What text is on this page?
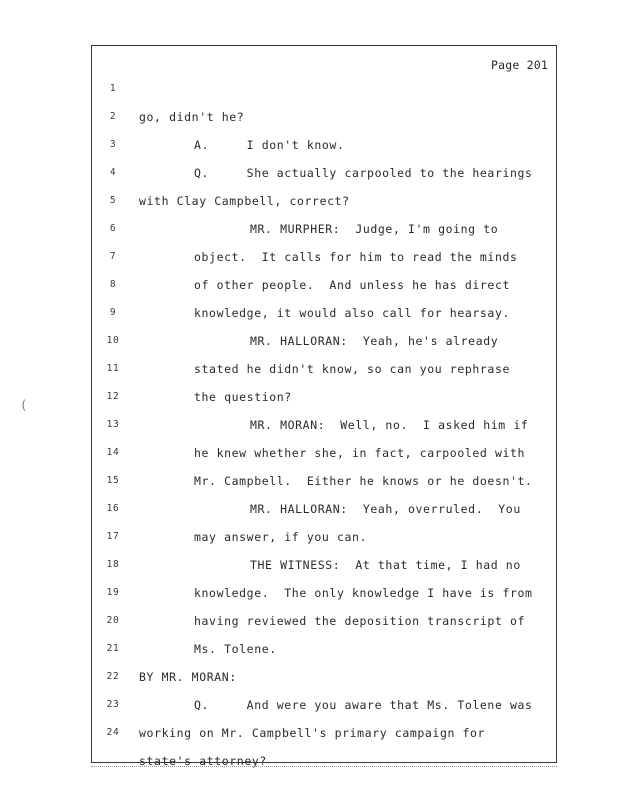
(
Page 201

1

go, didn't he?

2

A.     I don't know.

3

Q.     She actually carpooled to the hearings

4

with Clay Campbell, correct?

5

MR. MURPHER:  Judge, I'm going to

6

object.  It calls for him to read the minds

7

of other people.  And unless he has direct

8

knowledge, it would also call for hearsay.

9

MR. HALLORAN:  Yeah, he's already

10

stated he didn't know, so can you rephrase

11

the question?

12

MR. MORAN:  Well, no.  I asked him if

13

he knew whether she, in fact, carpooled with

14

Mr. Campbell.  Either he knows or he doesn't.

15

MR. HALLORAN:  Yeah, overruled.  You

16

may answer, if you can.

17

THE WITNESS:  At that time, I had no

18

knowledge.  The only knowledge I have is from

19

having reviewed the deposition transcript of

20

Ms. Tolene.

21

BY MR. MORAN:

22

Q.     And were you aware that Ms. Tolene was

23

working on Mr. Campbell's primary campaign for

24

state's attorney?
